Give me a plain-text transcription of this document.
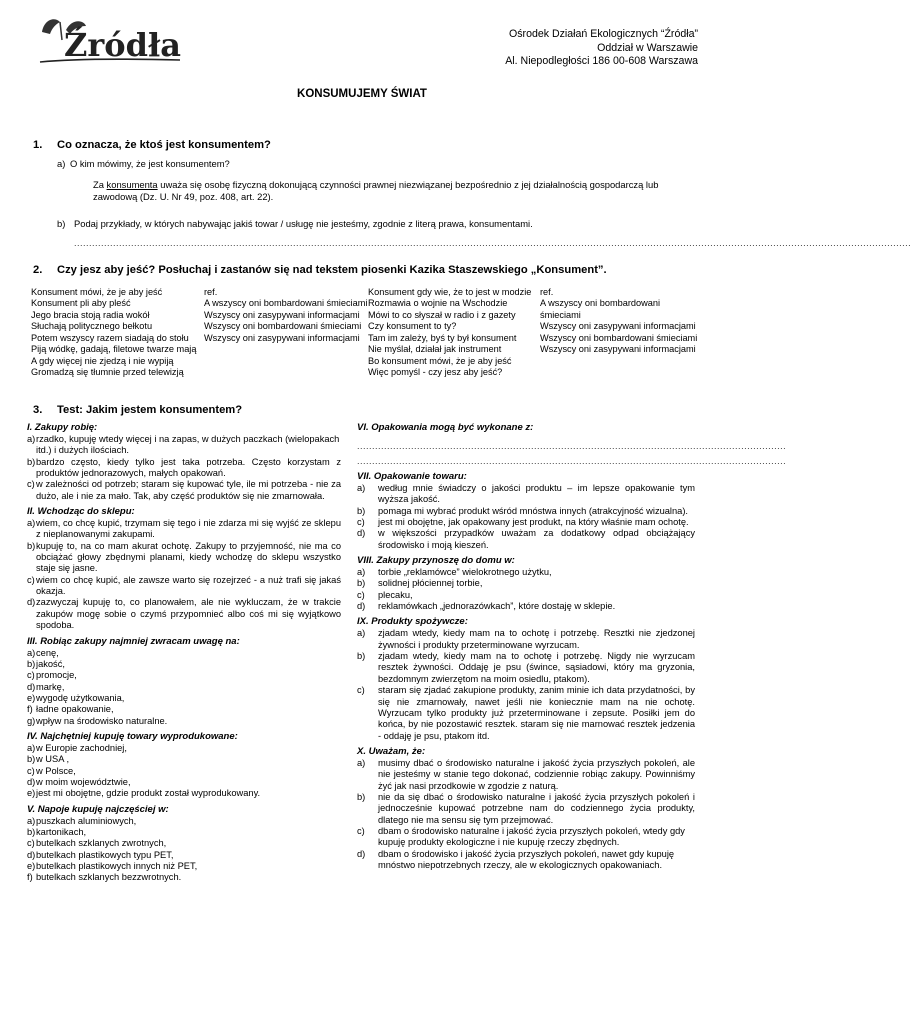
Źródła	Ośrodek Działań Ekologicznych “Źródła”
Oddział w Warszawie
Al. Niepodległości 186 00-608 Warszawa
KONSUMUJEMY ŚWIAT
1. Co oznacza, że ktoś jest konsumentem?
a) O kim mówimy, że jest konsumentem?
Za konsumenta uważa się osobę fizyczną dokonującą czynności prawnej niezwiązanej bezpośrednio z jej działalnością gospodarczą lub zawodową (Dz. U. Nr 49, poz. 408, art. 22).
b) Podaj przykłady, w których nabywając jakiś towar / usługę nie jesteśmy, zgodnie z literą prawa, konsumentami.
.......................................................................................................................................................................................................................................................................................
2. Czy jesz aby jeść? Posłuchaj i zastanów się nad tekstem piosenki Kazika Staszewskiego „Konsument”.
Konsument mówi, że je aby jeść
Konsument pli aby pleść
Jego bracia stoją radia wokół
Słuchają politycznego bełkotu
Potem wszyscy razem siadają do stołu
Piją wódkę, gadają, filetowe twarze mają
A gdy więcej nie zjedzą i nie wypiją
Gromadzą się tłumnie przed telewizją
ref.
A wszyscy oni bombardowani śmieciami
Wszyscy oni zasypywani informacjami
Wszyscy oni bombardowani śmieciami
Wszyscy oni zasypywani informacjami
Konsument gdy wie, że to jest w modzie
Rozmawia o wojnie na Wschodzie
Mówi to co słyszał w radio i z gazety
Czy konsument to ty?
Tam im zależy, byś ty był konsument
Nie myślał, działał jak instrument
Bo konsument mówi, że je aby jeść
Więc pomyśl - czy jesz aby jeść?
ref.
A wszyscy oni bombardowani
śmieciami
Wszyscy oni zasypywani informacjami
Wszyscy oni bombardowani śmieciami
Wszyscy oni zasypywani informacjami
3. Test: Jakim jestem konsumentem?
I. Zakupy robię:
a) rzadko, kupuję wtedy więcej i na zapas, w dużych paczkach (wielopakach itd.) i dużych ilościach.
b) bardzo często, kiedy tylko jest taka potrzeba. Często korzystam z produktów jednorazowych, małych opakowań.
c) w zależności od potrzeb; staram się kupować tyle, ile mi potrzeba - nie za dużo, ale i nie za mało. Tak, aby część produktów się nie zmarnowała.
II. Wchodząc do sklepu:
a) wiem, co chcę kupić, trzymam się tego i nie zdarza mi się wyjść ze sklepu z nieplanowanymi zakupami.
b) kupuję to, na co mam akurat ochotę. Zakupy to przyjemność, nie ma co obciążać głowy zbędnymi planami, kiedy wchodzę do sklepu wszystko staje się jasne.
c) wiem co chcę kupić, ale zawsze warto się rozejrzeć - a nuż trafi się jakaś okazja.
d) zazwyczaj kupuję to, co planowałem, ale nie wykluczam, że w trakcie zakupów mogę sobie o czymś przypomnieć albo coś mi się wyjątkowo spodoba.
III. Robiąc zakupy najmniej zwracam uwagę na:
a) cenę,
b) jakość,
c) promocje,
d) markę,
e) wygodę użytkowania,
f) ładne opakowanie,
g) wpływ na środowisko naturalne.
IV. Najchętniej kupuję towary wyprodukowane:
a) w Europie zachodniej,
b) w USA ,
c) w Polsce,
d) w moim województwie,
e) jest mi obojętne, gdzie produkt został wyprodukowany.
V. Napoje kupuję najczęściej w:
a) puszkach aluminiowych,
b) kartonikach,
c) butelkach szklanych zwrotnych,
d) butelkach plastikowych typu PET,
e) butelkach plastikowych innych niż PET,
f) butelkach szklanych bezzwrotnych.
VI. Opakowania mogą być wykonane z:
...............................................................................................................................................
...............................................................................................................................................
VII. Opakowanie towaru:
a)	według mnie świadczy o jakości produktu – im lepsze opakowanie tym wyższa jakość.
b)	pomaga mi wybrać produkt wśród mnóstwa innych (atrakcyjność wizualna).
c)	jest mi obojętne, jak opakowany jest produkt, na który właśnie mam ochotę.
d)	w większości przypadków uważam za dodatkowy odpad obciążający środowisko i moją kieszeń.
VIII. Zakupy przynoszę do domu w:
a)	torbie „reklamówce” wielokrotnego użytku,
b)	solidnej płóciennej torbie,
c)	plecaku,
d)	reklamówkach „jednorazówkach”, które dostaję w sklepie.
IX. Produkty spożywcze:
a)	zjadam wtedy, kiedy mam na to ochotę i potrzebę. Resztki nie zjedzonej żywności i produkty przeterminowane wyrzucam.
b)	zjadam wtedy, kiedy mam na to ochotę i potrzebę. Nigdy nie wyrzucam resztek żywności. Oddaję je psu (śwince, sąsiadowi, który ma gryzonia, bezdomnym zwierzętom na moim osiedlu, ptakom).
c)	staram się zjadać zakupione produkty, zanim minie ich data przydatności, by się nie zmarnowały, nawet jeśli nie koniecznie mam na nie ochotę. Wyrzucam tylko produkty już przeterminowane i zepsute. Posiłki jem do końca, by nie pozostawić resztek. staram się nie marnować resztek jedzenia - oddaję je psu, ptakom itd.
X. Uważam, że:
a)	musimy dbać o środowisko naturalne i jakość życia przyszłych pokoleń, ale nie jesteśmy w stanie tego dokonać, codziennie robiąc zakupy. Powinniśmy żyć jak nasi przodkowie w zgodzie z naturą.
b)	nie da się dbać o środowisko naturalne i jakość życia przyszłych pokoleń i jednocześnie kupować potrzebne nam do codziennego życia produkty, dlatego nie ma sensu się tym przejmować.
c)	dbam o środowisko naturalne i jakość życia przyszłych pokoleń, wtedy gdy kupuję produkty ekologiczne i nie kupuję rzeczy zbędnych.
d)	dbam o środowisko i jakość życia przyszłych pokoleń, nawet gdy kupuję mnóstwo niepotrzebnych rzeczy, ale w ekologicznych opakowaniach.
